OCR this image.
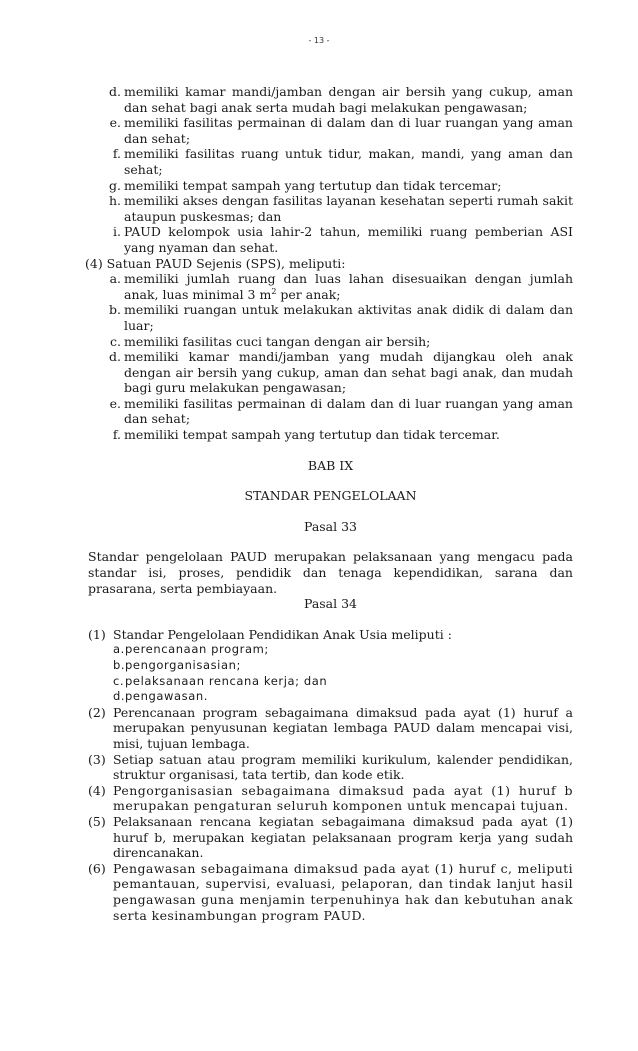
- 13 -
d. memiliki kamar mandi/jamban dengan air bersih yang cukup, aman dan sehat bagi anak serta mudah bagi melakukan pengawasan;
e. memiliki fasilitas permainan di dalam dan di luar ruangan yang aman dan sehat;
f. memiliki fasilitas ruang untuk tidur, makan, mandi, yang aman dan sehat;
g. memiliki tempat sampah yang tertutup dan tidak tercemar;
h. memiliki akses dengan fasilitas layanan kesehatan seperti rumah sakit ataupun puskesmas; dan
i. PAUD kelompok usia lahir-2 tahun, memiliki ruang pemberian ASI yang nyaman dan sehat.
(4) Satuan PAUD Sejenis (SPS), meliputi:
a. memiliki jumlah ruang dan luas lahan disesuaikan dengan jumlah anak, luas minimal 3 $m^2$ per anak;
b. memiliki ruangan untuk melakukan aktivitas anak didik di dalam dan luar;
c. memiliki fasilitas cuci tangan dengan air bersih;
d. memiliki kamar mandi/jamban yang mudah dijangkau oleh anak dengan air bersih yang cukup, aman dan sehat bagi anak, dan mudah bagi guru melakukan pengawasan;
e. memiliki fasilitas permainan di dalam dan di luar ruangan yang aman dan sehat;
f. memiliki tempat sampah yang tertutup dan tidak tercemar.
BAB IX
STANDAR PENGELOLAAN
Pasal 33
Standar pengelolaan PAUD merupakan pelaksanaan yang mengacu pada standar isi, proses, pendidik dan tenaga kependidikan, sarana dan prasarana, serta pembiayaan.
Pasal 34
(1) Standar Pengelolaan Pendidikan Anak Usia meliputi :
a. perencanaan program;
b. pengorganisasian;
c. pelaksanaan rencana kerja; dan
d. pengawasan.
(2) Perencanaan program sebagaimana dimaksud pada ayat (1) huruf a merupakan penyusunan kegiatan lembaga PAUD dalam mencapai visi, misi, tujuan lembaga.
(3) Setiap satuan atau program memiliki kurikulum, kalender pendidikan, struktur organisasi, tata tertib, dan kode etik.
(4) Pengorganisasian sebagaimana dimaksud pada ayat (1) huruf b merupakan pengaturan seluruh komponen untuk mencapai tujuan.
(5) Pelaksanaan rencana kegiatan sebagaimana dimaksud pada ayat (1) huruf b, merupakan kegiatan pelaksanaan program kerja yang sudah direncanakan.
(6) Pengawasan sebagaimana dimaksud pada ayat (1) huruf c, meliputi pemantauan, supervisi, evaluasi, pelaporan, dan tindak lanjut hasil pengawasan guna menjamin terpenuhinya hak dan kebutuhan anak serta kesinambungan program PAUD.
